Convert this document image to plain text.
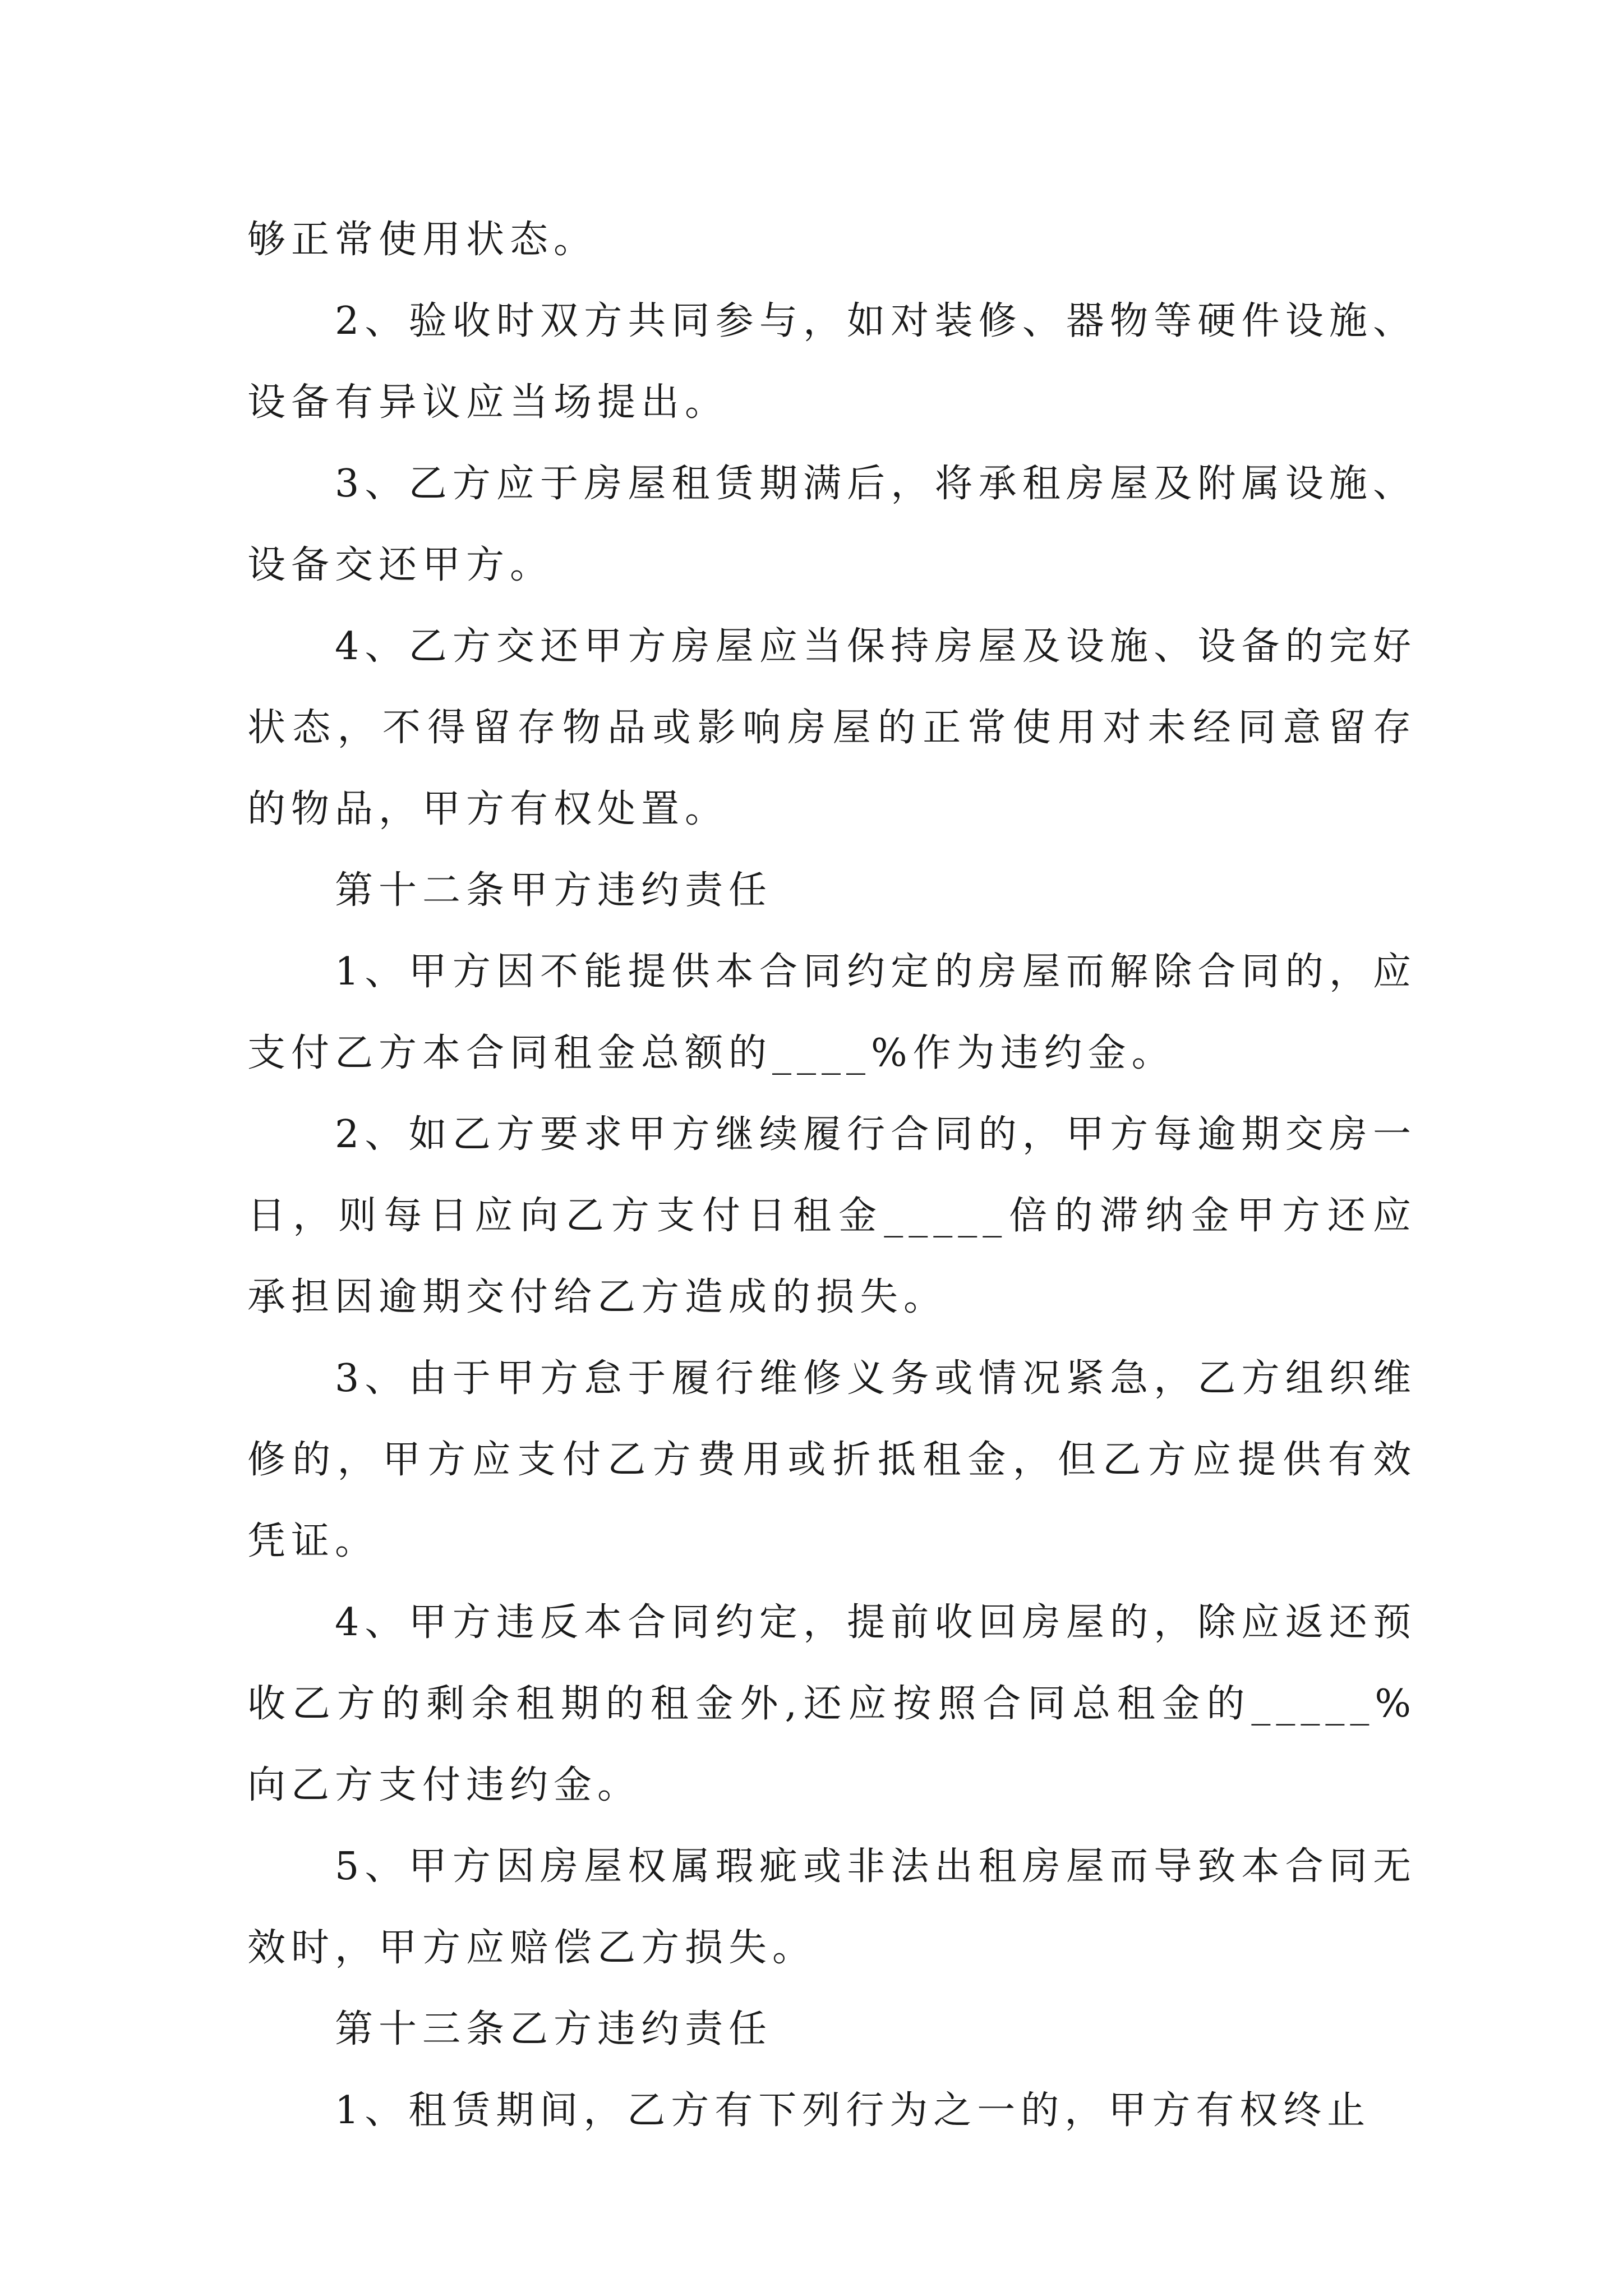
够正常使用状态。

2、验收时双方共同参与，如对装修、器物等硬件设施、设备有异议应当场提出。

3、乙方应于房屋租赁期满后，将承租房屋及附属设施、设备交还甲方。

4、乙方交还甲方房屋应当保持房屋及设施、设备的完好状态，不得留存物品或影响房屋的正常使用对未经同意留存的物品，甲方有权处置。

第十二条甲方违约责任

1、甲方因不能提供本合同约定的房屋而解除合同的，应支付乙方本合同租金总额的____%作为违约金。

2、如乙方要求甲方继续履行合同的，甲方每逾期交房一日，则每日应向乙方支付日租金_____倍的滞纳金甲方还应承担因逾期交付给乙方造成的损失。

3、由于甲方怠于履行维修义务或情况紧急，乙方组织维修的，甲方应支付乙方费用或折抵租金，但乙方应提供有效凭证。

4、甲方违反本合同约定，提前收回房屋的，除应返还预收乙方的剩余租期的租金外,还应按照合同总租金的_____%向乙方支付违约金。

5、甲方因房屋权属瑕疵或非法出租房屋而导致本合同无效时，甲方应赔偿乙方损失。

第十三条乙方违约责任

1、租赁期间，乙方有下列行为之一的，甲方有权终止
